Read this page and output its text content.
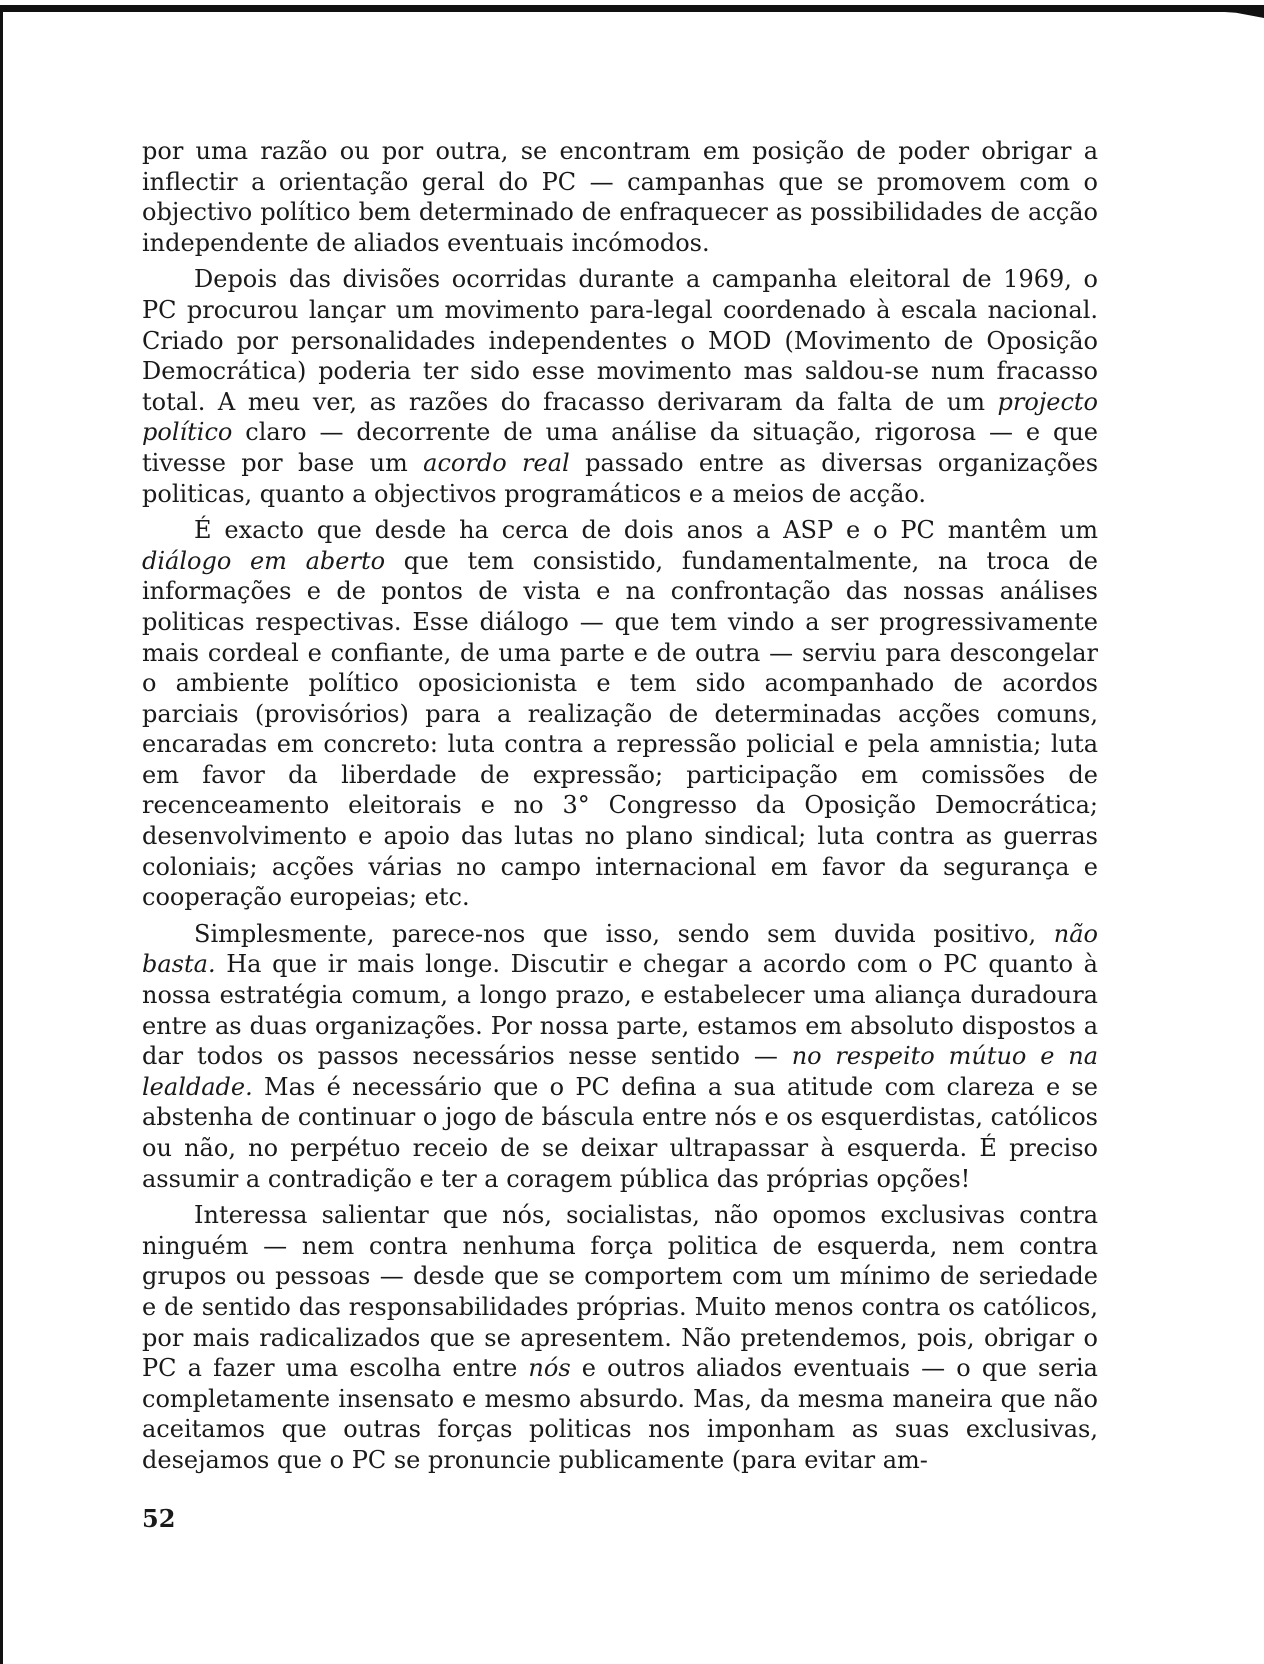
por uma razão ou por outra, se encontram em posição de poder obrigar a inflectir a orientação geral do PC — campanhas que se promovem com o objectivo político bem determinado de enfraquecer as possibilidades de acção independente de aliados eventuais incómodos.

Depois das divisões ocorridas durante a campanha eleitoral de 1969, o PC procurou lançar um movimento para-legal coordenado à escala nacional. Criado por personalidades independentes o MOD (Movimento de Oposição Democrática) poderia ter sido esse movimento mas saldou-se num fracasso total. A meu ver, as razões do fracasso derivaram da falta de um projecto político claro — decorrente de uma análise da situação, rigorosa — e que tivesse por base um acordo real passado entre as diversas organizações politicas, quanto a objectivos programáticos e a meios de acção.

É exacto que desde ha cerca de dois anos a ASP e o PC mantêm um diálogo em aberto que tem consistido, fundamentalmente, na troca de informações e de pontos de vista e na confrontação das nossas análises politicas respectivas. Esse diálogo — que tem vindo a ser progressivamente mais cordeal e confiante, de uma parte e de outra — serviu para descongelar o ambiente político oposicionista e tem sido acompanhado de acordos parciais (provisórios) para a realização de determinadas acções comuns, encaradas em concreto: luta contra a repressão policial e pela amnistia; luta em favor da liberdade de expressão; participação em comissões de recenceamento eleitorais e no 3° Congresso da Oposição Democrática; desenvolvimento e apoio das lutas no plano sindical; luta contra as guerras coloniais; acções várias no campo internacional em favor da segurança e cooperação europeias; etc.

Simplesmente, parece-nos que isso, sendo sem duvida positivo, não basta. Ha que ir mais longe. Discutir e chegar a acordo com o PC quanto à nossa estratégia comum, a longo prazo, e estabelecer uma aliança duradoura entre as duas organizações. Por nossa parte, estamos em absoluto dispostos a dar todos os passos necessários nesse sentido — no respeito mútuo e na lealdade. Mas é necessário que o PC defina a sua atitude com clareza e se abstenha de continuar o jogo de báscula entre nós e os esquerdistas, católicos ou não, no perpétuo receio de se deixar ultrapassar à esquerda. É preciso assumir a contradição e ter a coragem pública das próprias opções!

Interessa salientar que nós, socialistas, não opomos exclusivas contra ninguém — nem contra nenhuma força politica de esquerda, nem contra grupos ou pessoas — desde que se comportem com um mínimo de seriedade e de sentido das responsabilidades próprias. Muito menos contra os católicos, por mais radicalizados que se apresentem. Não pretendemos, pois, obrigar o PC a fazer uma escolha entre nós e outros aliados eventuais — o que seria completamente insensato e mesmo absurdo. Mas, da mesma maneira que não aceitamos que outras forças politicas nos imponham as suas exclusivas, desejamos que o PC se pronuncie publicamente (para evitar am-

52
